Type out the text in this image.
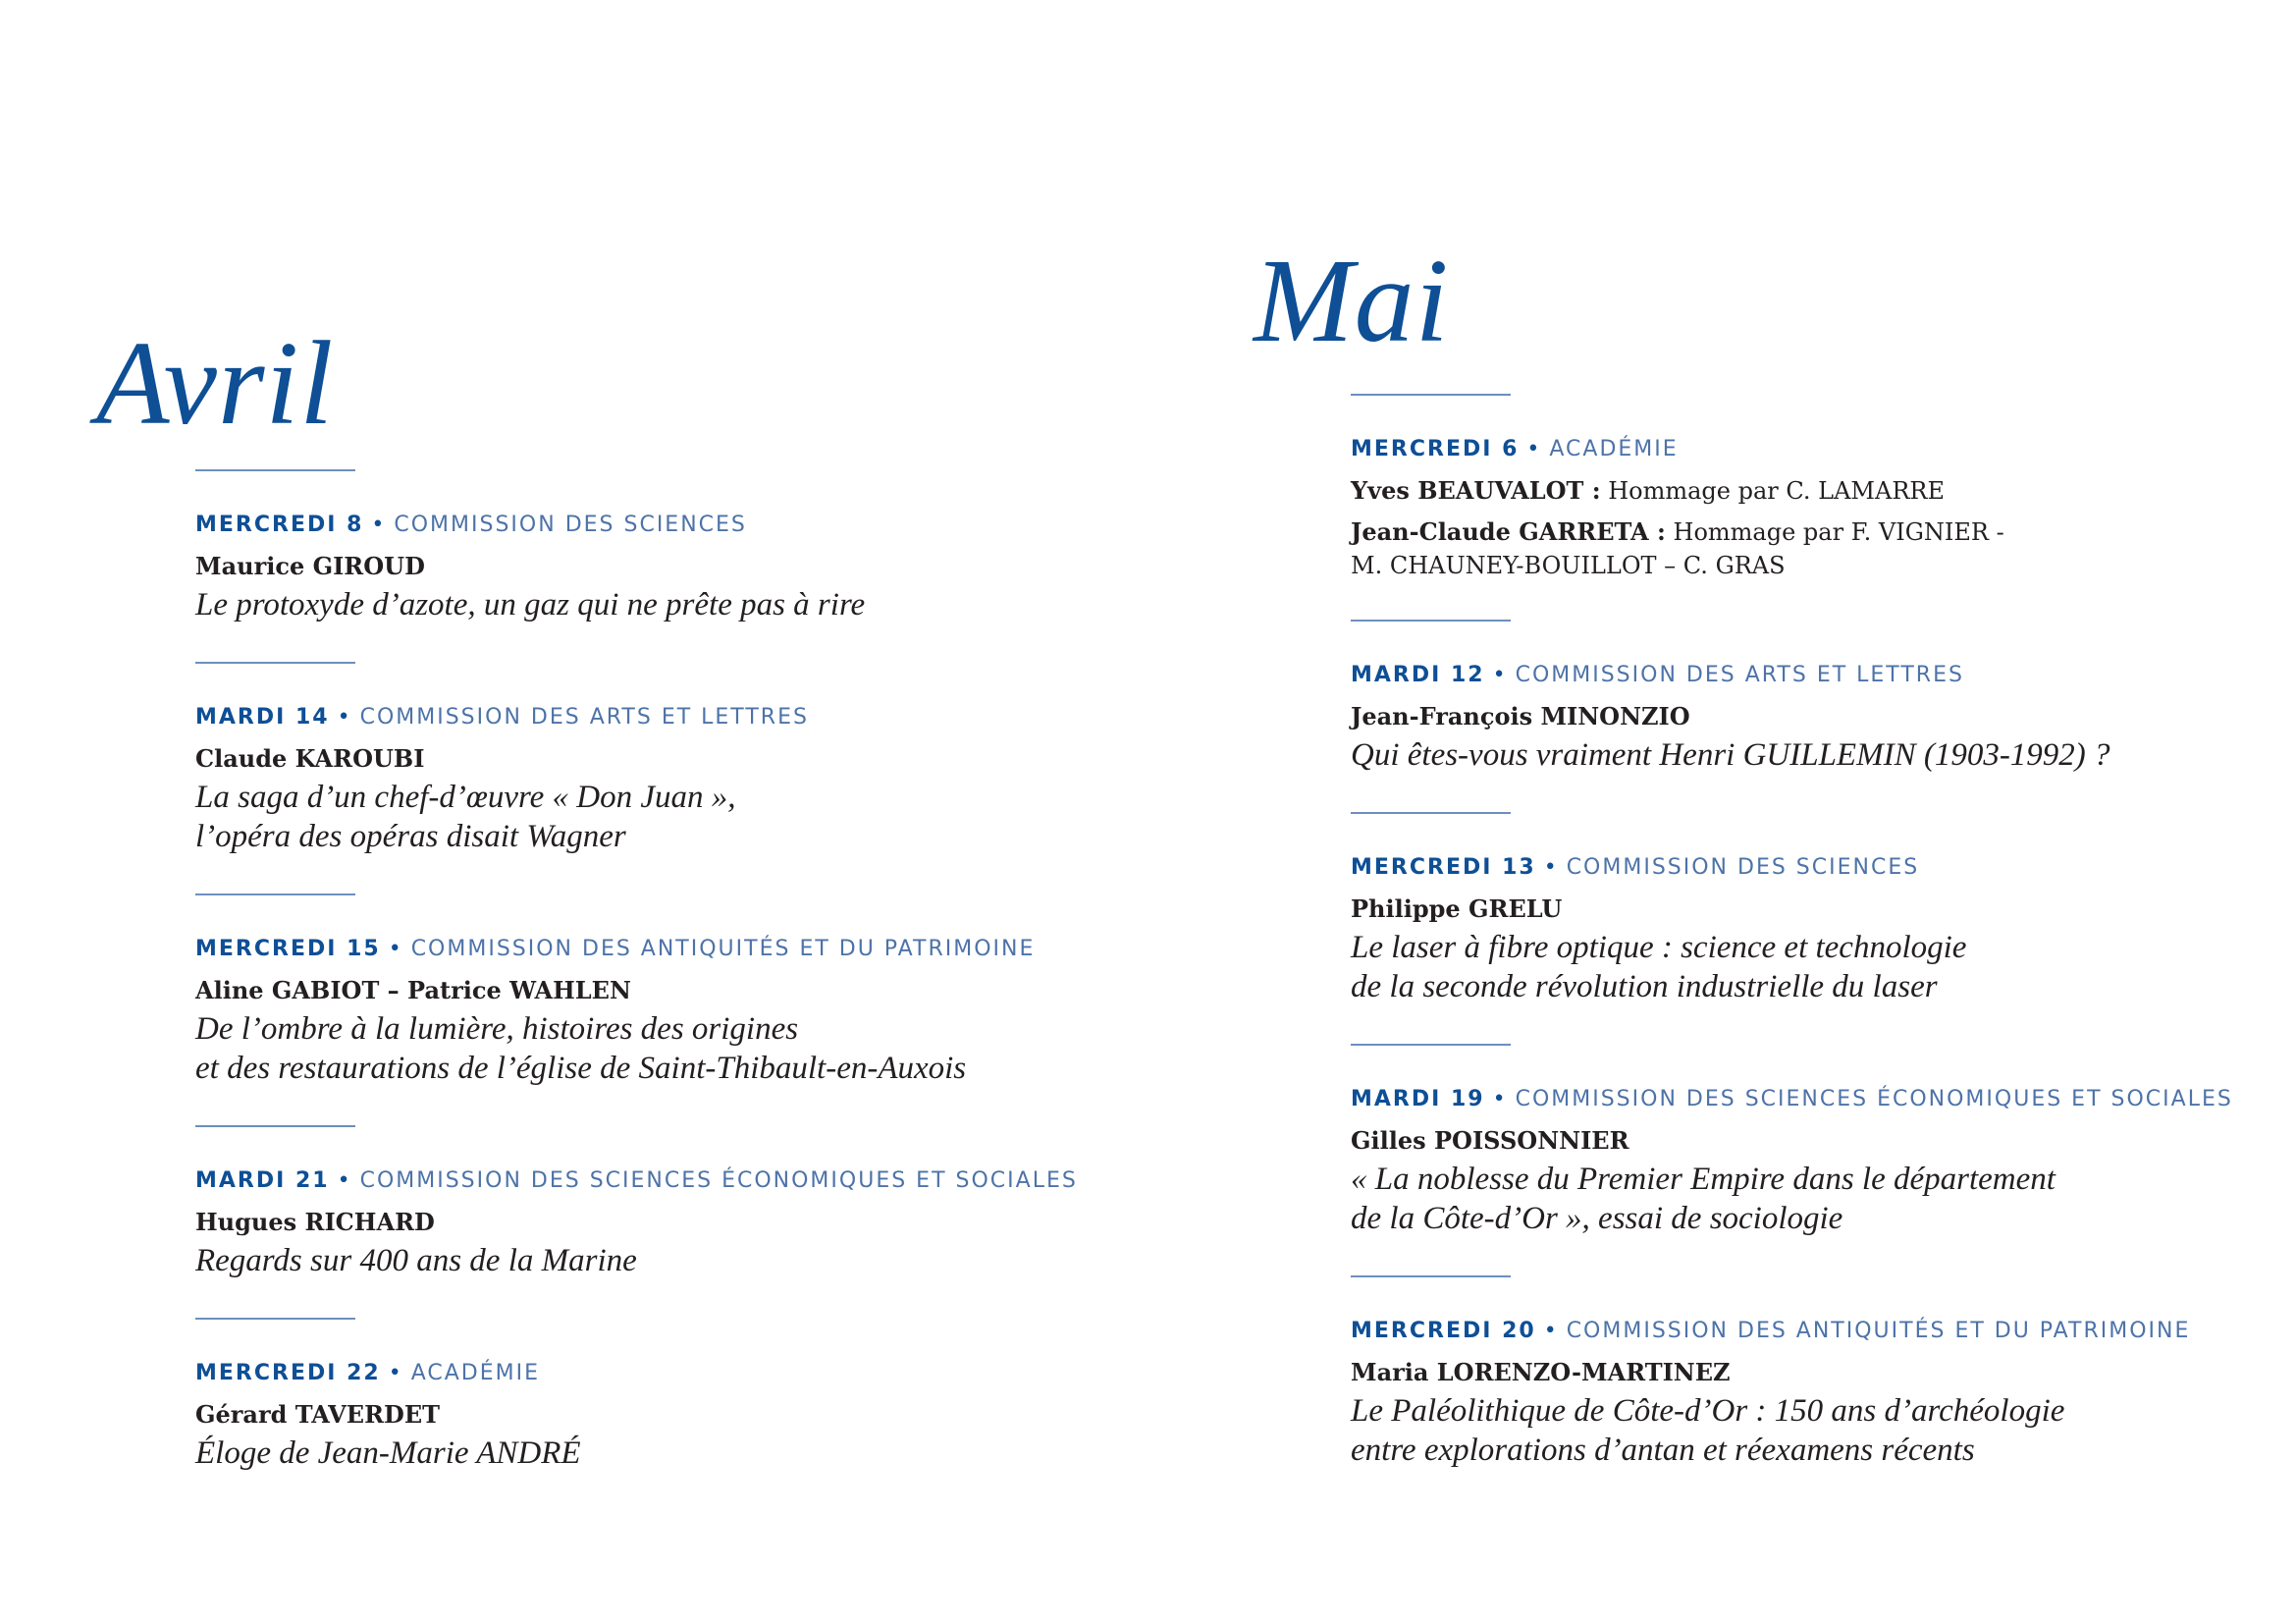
Avril
MERCREDI 8 • COMMISSION DES SCIENCES
Maurice GIROUD
Le protoxyde d’azote, un gaz qui ne prête pas à rire
MARDI 14 • COMMISSION DES ARTS ET LETTRES
Claude KAROUBI
La saga d’un chef-d’œuvre « Don Juan »,
l’opéra des opéras disait Wagner
MERCREDI 15 • COMMISSION DES ANTIQUITÉS ET DU PATRIMOINE
Aline GABIOT – Patrice WAHLEN
De l’ombre à la lumière, histoires des origines
et des restaurations de l’église de Saint-Thibault-en-Auxois
MARDI 21 • COMMISSION DES SCIENCES ÉCONOMIQUES ET SOCIALES
Hugues RICHARD
Regards sur 400 ans de la Marine
MERCREDI 22 • ACADÉMIE
Gérard TAVERDET
Éloge de Jean-Marie ANDRÉ
Mai
MERCREDI 6 • ACADÉMIE
Yves BEAUVALOT : Hommage par C. LAMARRE
Jean-Claude GARRETA : Hommage par F. VIGNIER -
M. CHAUNEY-BOUILLOT – C. GRAS
MARDI 12 • COMMISSION DES ARTS ET LETTRES
Jean-François MINONZIO
Qui êtes-vous vraiment Henri GUILLEMIN (1903-1992) ?
MERCREDI 13 • COMMISSION DES SCIENCES
Philippe GRELU
Le laser à fibre optique : science et technologie
de la seconde révolution industrielle du laser
MARDI 19 • COMMISSION DES SCIENCES ÉCONOMIQUES ET SOCIALES
Gilles POISSONNIER
« La noblesse du Premier Empire dans le département
de la Côte-d’Or », essai de sociologie
MERCREDI 20 • COMMISSION DES ANTIQUITÉS ET DU PATRIMOINE
Maria LORENZO-MARTINEZ
Le Paléolithique de Côte-d’Or : 150 ans d’archéologie
entre explorations d’antan et réexamens récents
